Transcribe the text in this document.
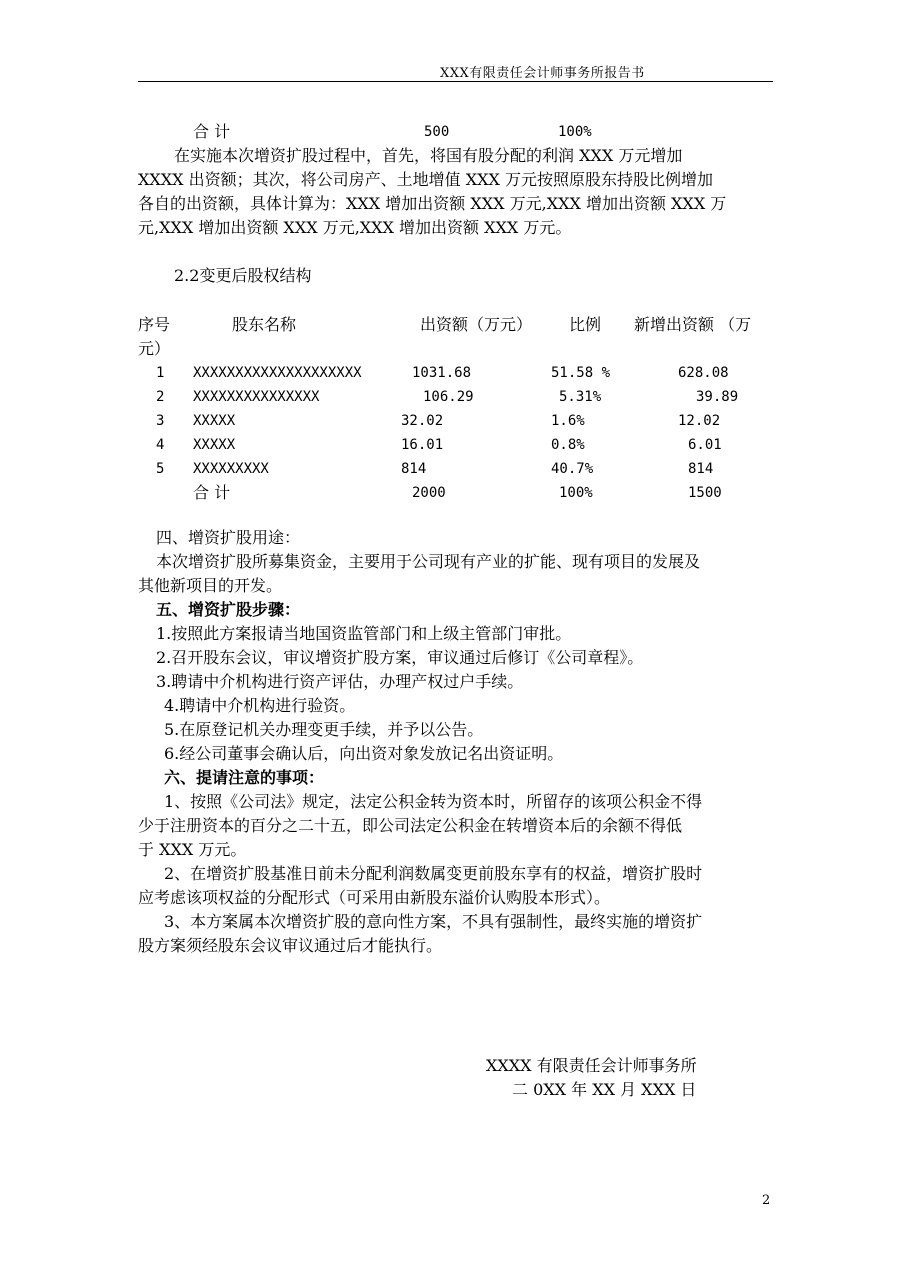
XXX有限责任会计师事务所报告书
合 计	500	100%
在实施本次增资扩股过程中，首先，将国有股分配的利润 XXX 万元增加
XXXX 出资额；其次，将公司房产、土地增值 XXX 万元按照原股东持股比例增加
各自的出资额，具体计算为：XXX 增加出资额 XXX 万元,XXX 增加出资额 XXX 万
元,XXX 增加出资额 XXX 万元,XXX 增加出资额 XXX 万元。
2.2变更后股权结构
序号	股东名称	出资额（万元） 比例 新增出资额 （万
元）
1 XXXXXXXXXXXXXXXXXXXX	1031.68	51.58 %	628.08
2 XXXXXXXXXXXXXXX	106.29	5.31%	39.89
3 XXXXX	32.02	1.6%	12.02
4 XXXXX	16.01	0.8%	6.01
5 XXXXXXXXX	814	40.7%	814
合 计	2000	100%	1500
四、增资扩股用途：
本次增资扩股所募集资金，主要用于公司现有产业的扩能、现有项目的发展及
其他新项目的开发。
五、增资扩股步骤：
1.按照此方案报请当地国资监管部门和上级主管部门审批。
2.召开股东会议，审议增资扩股方案，审议通过后修订《公司章程》。
3.聘请中介机构进行资产评估，办理产权过户手续。
4.聘请中介机构进行验资。
5.在原登记机关办理变更手续，并予以公告。
6.经公司董事会确认后，向出资对象发放记名出资证明。
六、提请注意的事项：
1、按照《公司法》规定，法定公积金转为资本时，所留存的该项公积金不得
少于注册资本的百分之二十五，即公司法定公积金在转增资本后的余额不得低
于 XXX 万元。
2、在增资扩股基准日前未分配利润数属变更前股东享有的权益，增资扩股时
应考虑该项权益的分配形式（可采用由新股东溢价认购股本形式）。
3、本方案属本次增资扩股的意向性方案，不具有强制性，最终实施的增资扩
股方案须经股东会议审议通过后才能执行。
XXXX 有限责任会计师事务所
二 0XX 年 XX 月 XXX 日
2
